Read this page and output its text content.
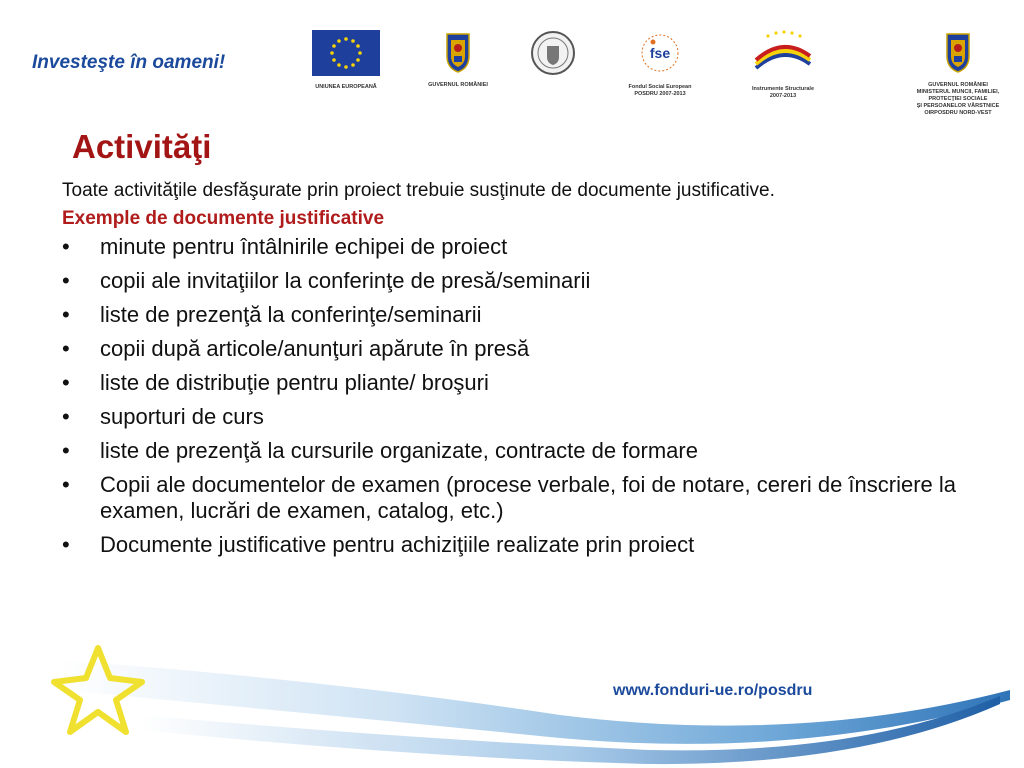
Investeşte în oameni!
UNIUNEA EUROPEANĂ	GUVERNUL ROMÂNIEI
fse
Fondul Social European
POSDRU 2007-2013
Instrumente Structurale
2007-2013
GUVERNUL ROMÂNIEI
MINISTERUL MUNCII, FAMILIEI,
PROTECŢIEI SOCIALE
ŞI PERSOANELOR VÂRSTNICE
OIRPOSDRU NORD-VEST
Activităţi

Toate activităţile desfăşurate prin proiect trebuie susţinute de documente justificative.

Exemple de documente justificative

•	minute pentru întâlnirile echipei de proiect
•	copii ale invitaţiilor la conferinţe de presă/seminarii
•	liste de prezenţă la conferinţe/seminarii
•	copii după articole/anunţuri apărute în presă
•	liste de distribuţie pentru pliante/ broşuri
•	suporturi de curs
•	liste de prezenţă la cursurile organizate, contracte de formare
•	Copii ale documentelor de examen (procese verbale, foi de notare, cereri de înscriere la examen, lucrări de examen, catalog, etc.)
•	Documente justificative pentru achiziţiile realizate prin proiect
www.fonduri-ue.ro/posdru
